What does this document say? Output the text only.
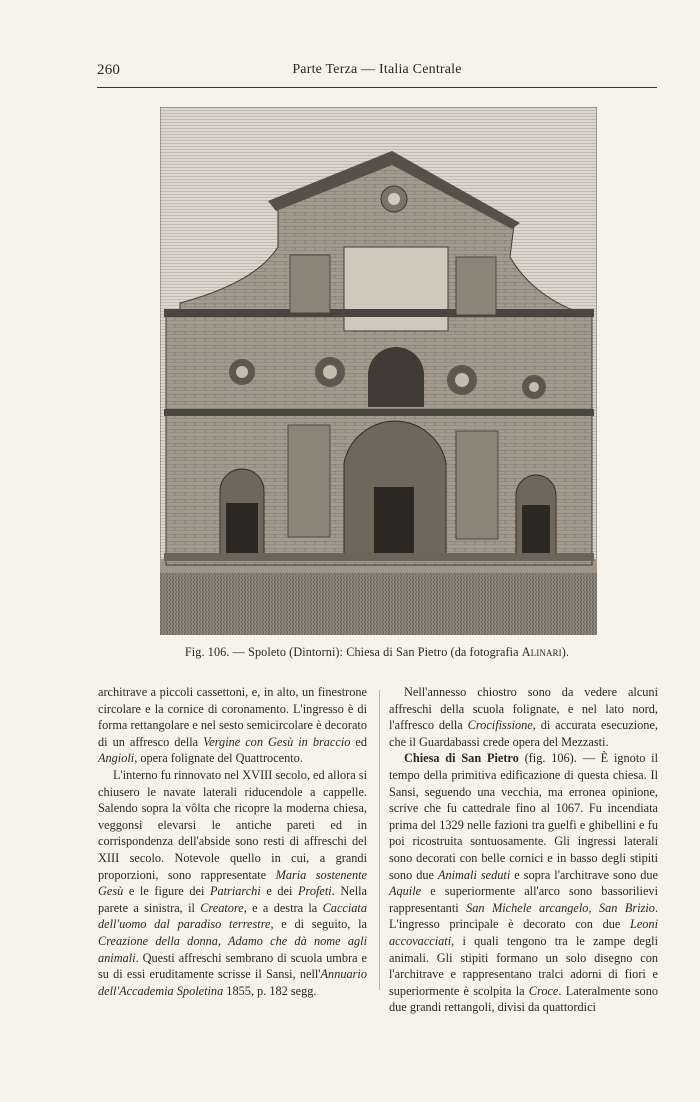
260	Parte Terza — Italia Centrale
Fig. 106. — Spoleto (Dintorni): Chiesa di San Pietro (da fotografia Alinari).

architrave a piccoli cassettoni, e, in alto, un finestrone circolare e la cornice di coronamento. L'ingresso è di forma rettangolare e nel sesto semicircolare è decorato di un affresco della Vergine con Gesù in braccio ed Angioli, opera folignate del Quattrocento.

L'interno fu rinnovato nel XVIII secolo, ed allora si chiusero le navate laterali riducendole a cappelle. Salendo sopra la vôlta che ricopre la moderna chiesa, veggonsi elevarsi le antiche pareti ed in corrispondenza dell'abside sono resti di affreschi del XIII secolo. Notevole quello in cui, a grandi proporzioni, sono rappresentate Maria sostenente Gesù e le figure dei Patriarchi e dei Profeti. Nella parete a sinistra, il Creatore, e a destra la Cacciata dell'uomo dal paradiso terrestre, e di seguito, la Creazione della donna, Adamo che dà nome agli animali. Questi affreschi sembrano di scuola umbra e su di essi eruditamente scrisse il Sansi, nell'Annuario dell'Accademia Spoletina 1855, p. 182 segg.

Nell'annesso chiostro sono da vedere alcuni affreschi della scuola folignate, e nel lato nord, l'affresco della Crocifissione, di accurata esecuzione, che il Guardabassi crede opera del Mezzasti.

Chiesa di San Pietro (fig. 106). — È ignoto il tempo della primitiva edificazione di questa chiesa. Il Sansi, seguendo una vecchia, ma erronea opinione, scrive che fu cattedrale fino al 1067. Fu incendiata prima del 1329 nelle fazioni tra guelfi e ghibellini e fu poi ricostruita sontuosamente. Gli ingressi laterali sono decorati con belle cornici e in basso degli stipiti sono due Animali seduti e sopra l'architrave sono due Aquile e superiormente all'arco sono bassorilievi rappresentanti San Michele arcangelo, San Brizio. L'ingresso principale è decorato con due Leoni accovacciati, i quali tengono tra le zampe degli animali. Gli stipiti formano un solo disegno con l'architrave e rappresentano tralci adorni di fiori e superiormente è scolpita la Croce. Lateralmente sono due grandi rettangoli, divisi da quattordici
